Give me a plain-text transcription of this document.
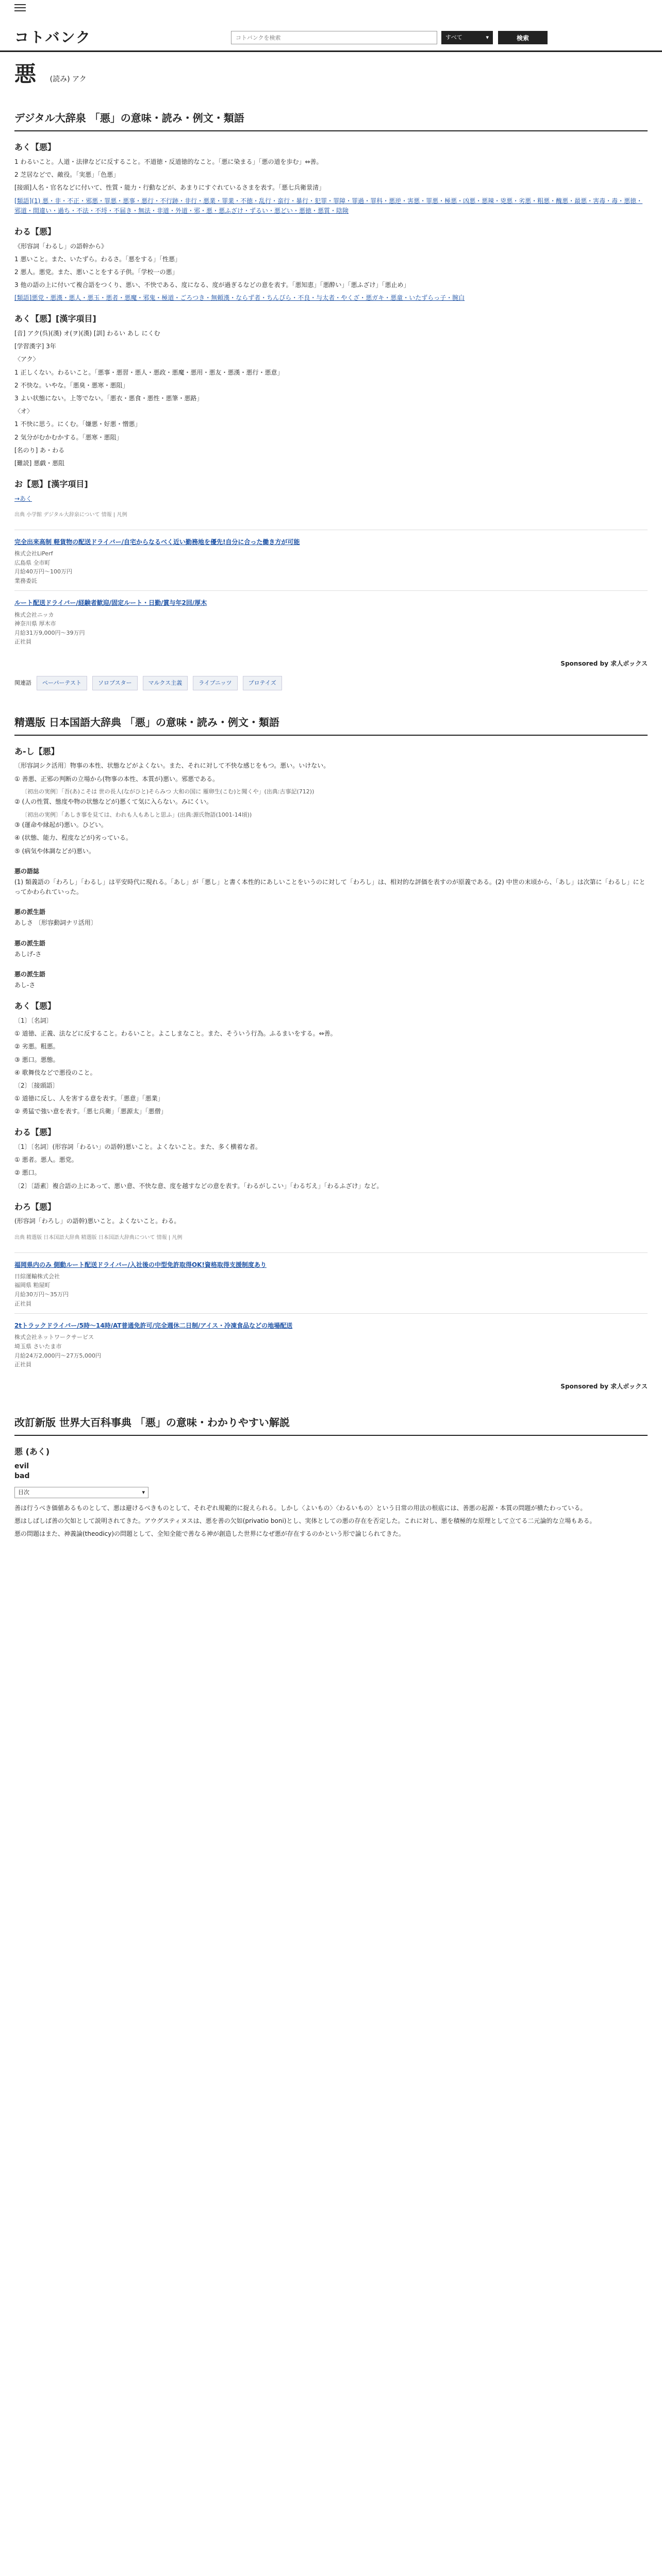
コトバンク
コトバンクを検索	すべて	▾	検索
悪 (読み) アク
デジタル大辞泉 「悪」の意味・読み・例文・類語
あく【悪】

1 わるいこと。人道・法律などに反すること。不道徳・反道徳的なこと。「悪に染まる」「悪の道を歩む」⇔善。

2 芝居などで、敵役。「実悪」「色悪」

[接頭]人名・官名などに付いて、性質・能力・行動などが、あまりにすぐれているさまを表す。「悪七兵衛景清」

[類語](1) 悪・非・不正・邪悪・罪悪・悪事・悪行・不行跡・非行・悪業・罪業・不徳・乱行・蛮行・暴行・犯罪・罪障・罪過・罪科・悪逆・害悪・罪悪・極悪・凶悪・悪辣・兇悪・劣悪・粗悪・醜悪・最悪・害毒・毒・悪徳・邪道・間違い・過ち・不法・不埒・不届き・無法・非道・外道・邪・悪・悪ふざけ・ずるい・悪どい・悪徳・悪質・陰険

わる【悪】

《形容詞「わるし」の語幹から》

1 悪いこと。また、いたずら。わるさ。「悪をする」「性悪」

2 悪人。悪党。また、悪いことをする子供。「学校一の悪」

3 他の語の上に付いて複合語をつくり、悪い、不快である、度になる、度が過ぎるなどの意を表す。「悪知恵」「悪酔い」「悪ふざけ」「悪止め」

[類語]悪党・悪漢・悪人・悪玉・悪者・悪魔・邪鬼・極道・ごろつき・無頼漢・ならず者・ちんぴら・不良・与太者・やくざ・悪ガキ・悪童・いたずらっ子・腕白

あく【悪】[漢字項目]

[音] アク(呉)(漢) オ(ヲ)(漢) [訓] わるい あし にくむ

[学習漢字] 3年

〈アク〉

1 正しくない。わるいこと。「悪事・悪習・悪人・悪政・悪魔・悪用・悪友・悪漢・悪行・悪意」

2 不快な。いやな。「悪臭・悪寒・悪阻」

3 よい状態にない。上等でない。「悪衣・悪食・悪性・悪筆・悪路」

〈オ〉

1 不快に思う。にくむ。「嫌悪・好悪・憎悪」

2 気分がむかむかする。「悪寒・悪阻」

[名のり] あ・わる

[難読] 悪戯・悪阻

お【悪】[漢字項目]

→あく

出典 小学館 デジタル大辞泉について 情報 | 凡例
完全出来高制 軽貨物の配送ドライバー/自宅からなるべく近い勤務地を優先!自分に合った働き方が可能
株式会社LiPerf
広島県 全市町
月給40万円〜100万円
業務委託
ルート配送ドライバー/経験者歓迎/固定ルート・日勤/賞与年2回/厚木
株式会社ニッカ
神奈川県 厚木市
月給31万9,000円〜39万円
正社員
Sponsored by 求人ボックス
関連語	ペーパーテスト	ソロプスター	マルクス主義	ライブニッツ	プロテイズ
精選版 日本国語大辞典 「悪」の意味・読み・例文・類語
あ-し【悪】

〔形容詞シク活用〕物事の本性、状態などがよくない。また、それに対して不快な感じをもつ。悪い。いけない。

① 善悪、正邪の判断の立場から(物事の本性、本質が)悪い。邪悪である。

〔初出の実例〕「吾(あ)こそは 世の長人(ながひと)そらみつ 大和の国に 雁卵生(こむ)と聞くや」(出典:古事記(712))

② (人の性質、態度や物の状態などが)悪くて気に入らない。みにくい。

〔初出の実例〕「あしき事を見ては、われも人もあしと思ふ」(出典:源氏物語(1001-14頃))

③ (運命や縁起が)悪い。ひどい。

④ (状態、能力、程度などが)劣っている。

⑤ (病気や体調などが)悪い。

悪の語誌

(1) 類義語の「わろし」「わるし」は平安時代に現れる。「あし」が「悪し」と書く本性的にあしいことをいうのに対して「わろし」は、相対的な評価を表すのが原義である。(2) 中世の末頃から、「あし」は次第に「わるし」にとってかわられていった。

悪の派生語
あしさ 〔形容動詞ナリ活用〕
悪の派生語
あしげ-さ
悪の派生語
あし-さ
あく【悪】

〔1〕〔名詞〕

① 道徳、正義、法などに反すること。わるいこと。よこしまなこと。また、そういう行為。ふるまいをする。⇔善。

② 劣悪。粗悪。

③ 悪口。悪態。

④ 歌舞伎などで悪役のこと。

〔2〕〔接頭語〕

① 道徳に反し、人を害する意を表す。「悪意」「悪業」

② 勇猛で強い意を表す。「悪七兵衛」「悪源太」「悪僧」

わる【悪】

〔1〕〔名詞〕(形容詞「わるい」の語幹)悪いこと。よくないこと。また、多く横着な者。

① 悪者。悪人。悪党。

② 悪口。

〔2〕〔語素〕複合語の上にあって、悪い意、不快な意、度を越すなどの意を表す。「わるがしこい」「わるぢえ」「わるふざけ」など。

わろ【悪】

(形容詞「わろし」の語幹)悪いこと。よくないこと。わる。

出典 精選版 日本国語大辞典 精選版 日本国語大辞典について 情報 | 凡例
福岡県内のみ 側動ルート配送ドライバー/入社後の中型免許取得OK!資格取得支援制度あり
日綜運輸株式会社
福岡県 粕屋町
月給30万円〜35万円
正社員
2tトラックドライバー/5時〜14時/AT普通免許可/完全週休二日制/アイス・冷凍食品などの地場配送
株式会社ネットワークサービス
埼玉県 さいたま市
月給24万2,000円〜27万5,000円
正社員
Sponsored by 求人ボックス
改訂新版 世界大百科事典 「悪」の意味・わかりやすい解説
悪 (あく)
evil
bad
目次	▾

善は行うべき価値あるものとして、悪は避けるべきものとして、それぞれ規範的に捉えられる。しかし〈よいもの〉〈わるいもの〉という日常の用法の根底には、善悪の起源・本質の問題が横たわっている。

悪はしばしば善の欠如として説明されてきた。アウグスティヌスは、悪を善の欠如(privatio boni)とし、実体としての悪の存在を否定した。これに対し、悪を積極的な原理として立てる二元論的な立場もある。

悪の問題はまた、神義論(theodicy)の問題として、全知全能で善なる神が創造した世界になぜ悪が存在するのかという形で論じられてきた。
